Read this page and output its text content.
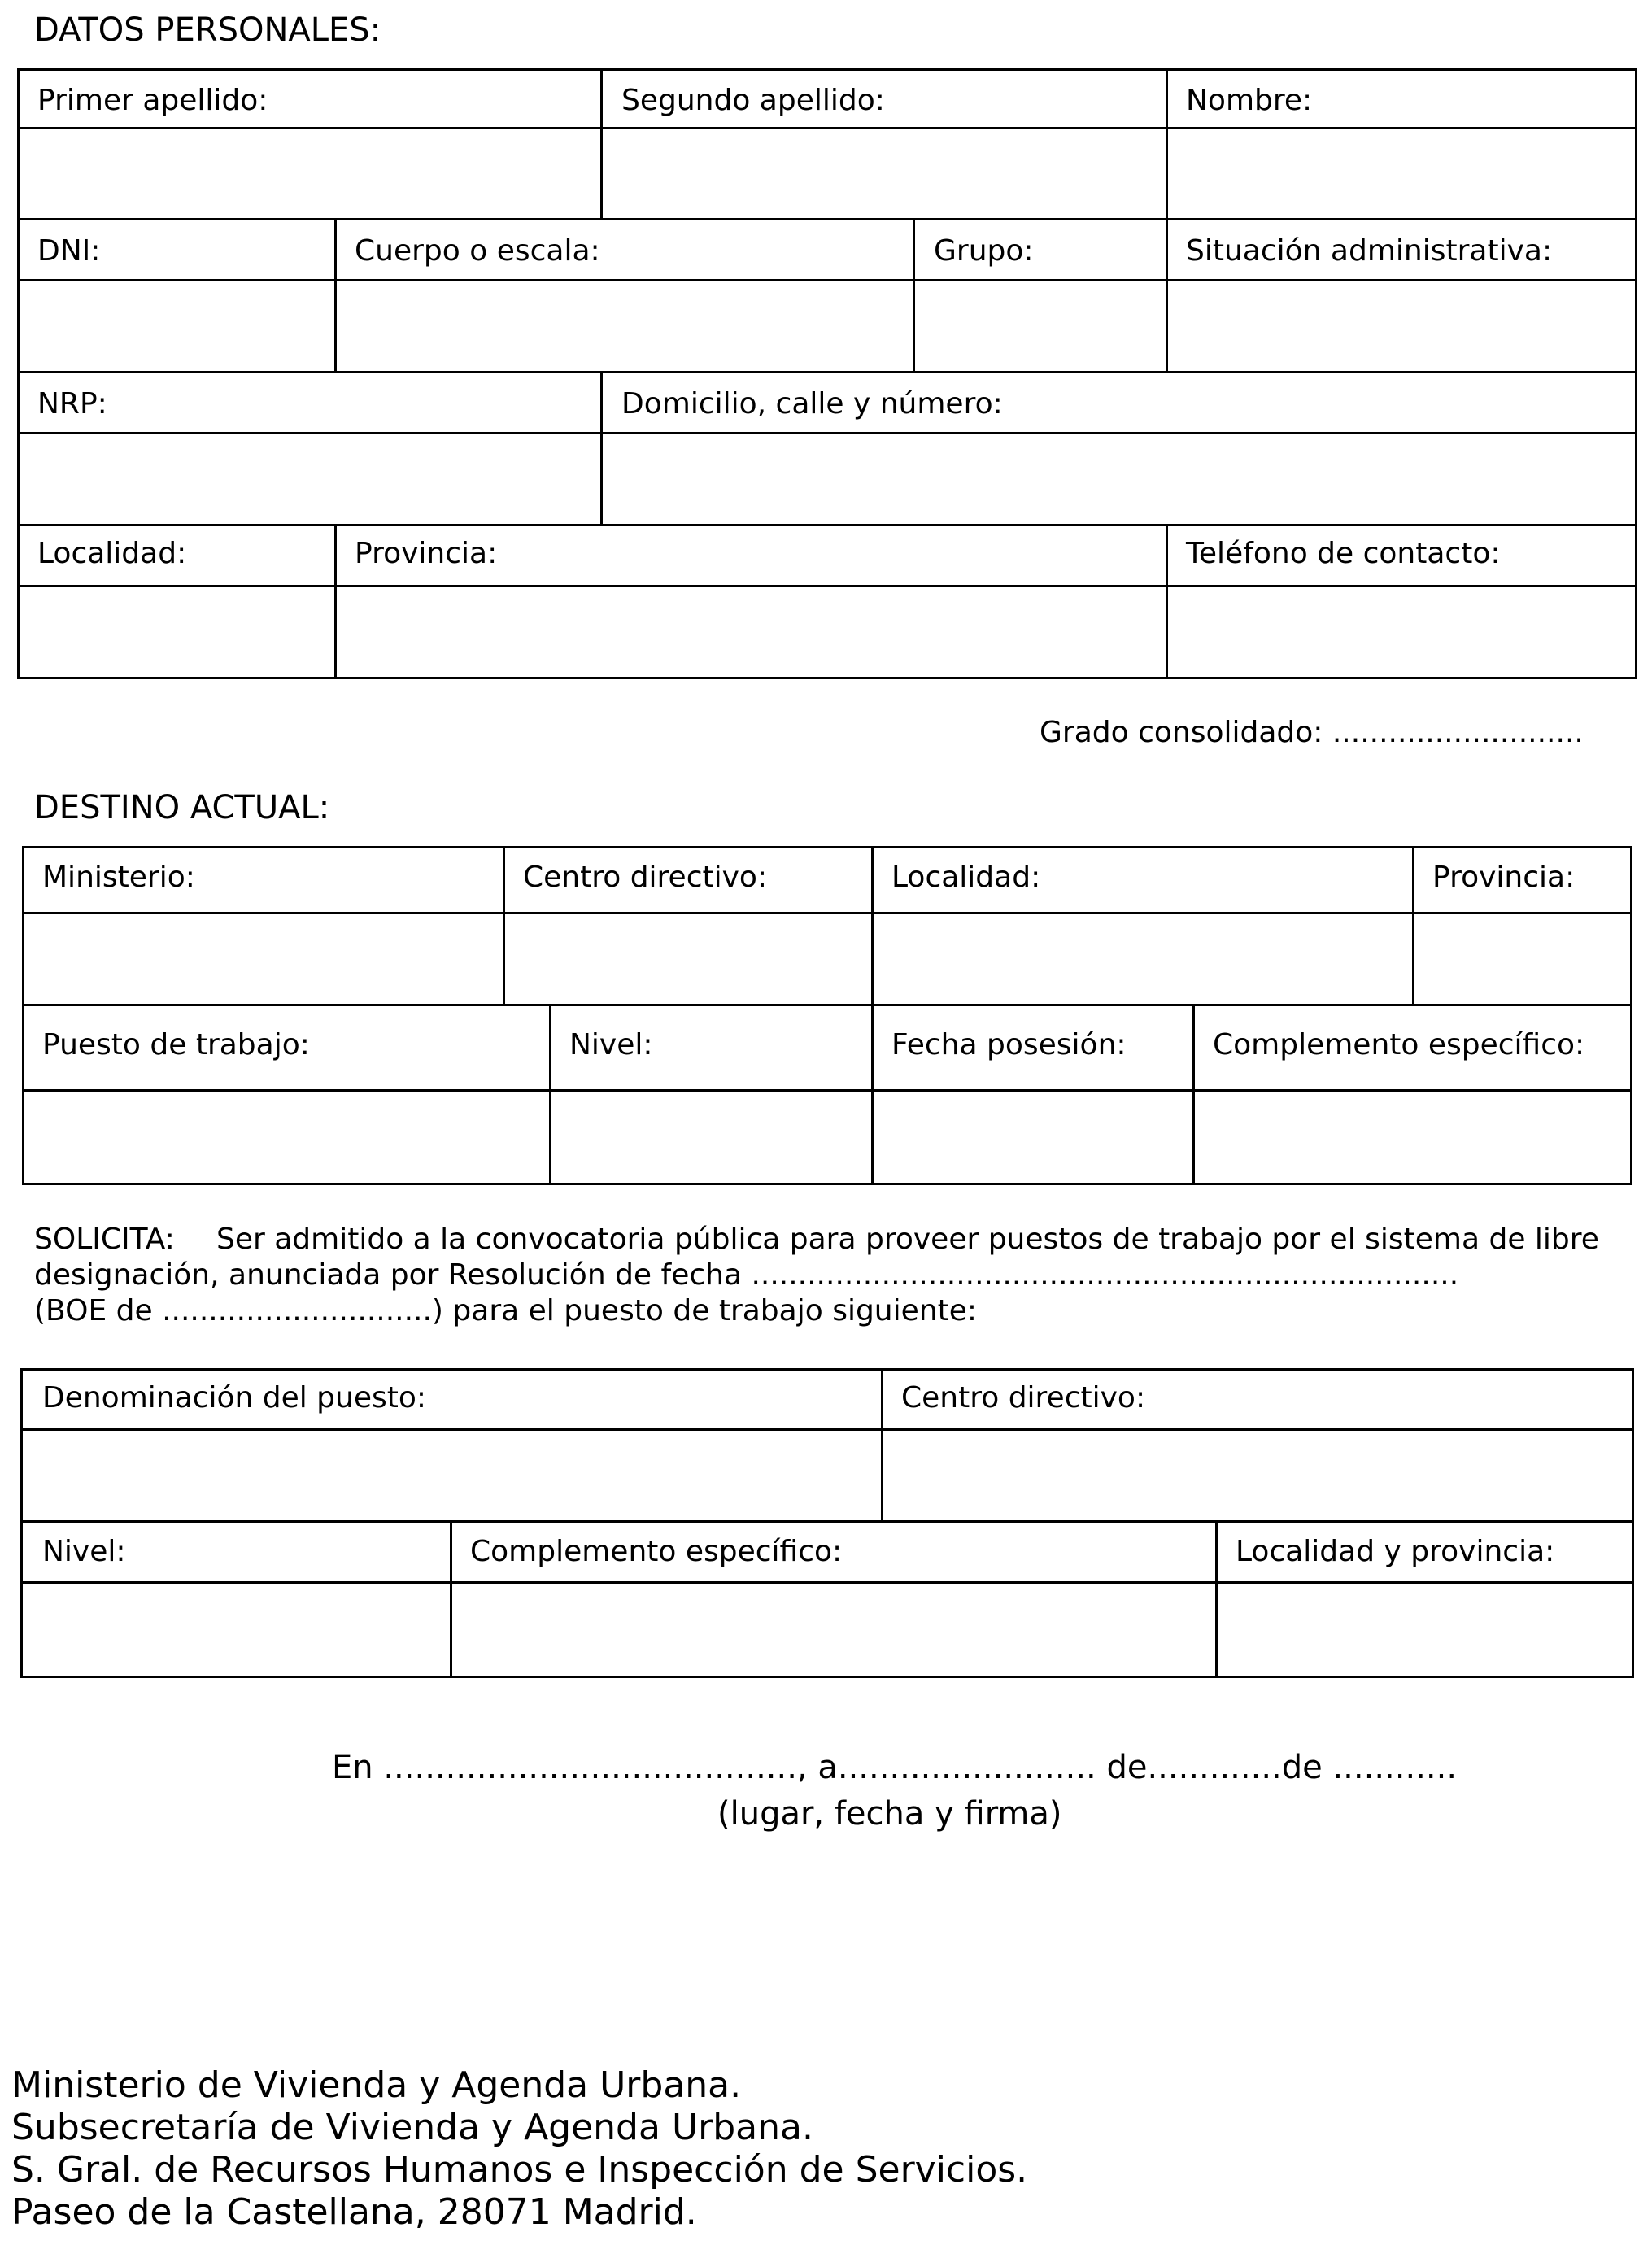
DATOS PERSONALES:
Primer apellido:	Segundo apellido:	Nombre:
DNI:	Cuerpo o escala:	Grupo:	Situación administrativa:
NRP:	Domicilio, calle y número:
Localidad:	Provincia:	Teléfono de contacto:
Grado consolidado: ...........................
DESTINO ACTUAL:
Ministerio:	Centro directivo:	Localidad:	Provincia:
Puesto de trabajo:	Nivel:	Fecha posesión:	Complemento específico:
SOLICITA: Ser admitido a la convocatoria pública para proveer puestos de trabajo por el sistema de libre
designación, anunciada por Resolución de fecha ............................................................................
(BOE de .............................) para el puesto de trabajo siguiente:
Denominación del puesto:	Centro directivo:
Nivel:	Complemento específico:	Localidad y provincia:
En ........................................, a......................... de.............de ............
(lugar, fecha y firma)
Ministerio de Vivienda y Agenda Urbana.
Subsecretaría de Vivienda y Agenda Urbana.
S. Gral. de Recursos Humanos e Inspección de Servicios.
Paseo de la Castellana, 28071 Madrid.
